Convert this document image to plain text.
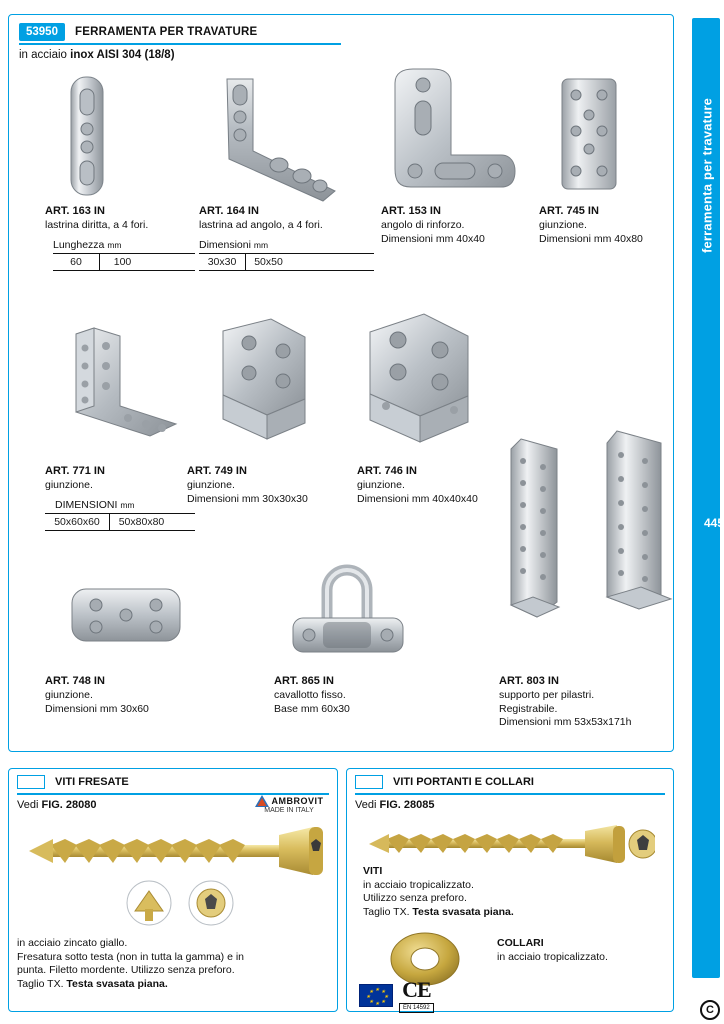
ferramenta per travature
445
C
53950	FERRAMENTA PER TRAVATURE
in acciaio inox AISI 304 (18/8)
ART. 163 IN
lastrina diritta, a 4 fori.
Lunghezza mm
60	100
ART. 164 IN
lastrina ad angolo, a 4 fori.
Dimensioni mm
30x30	50x50
ART. 153 IN
angolo di rinforzo.
Dimensioni mm 40x40
ART. 745 IN
giunzione.
Dimensioni mm 40x80
ART. 771 IN
giunzione.
DIMENSIONI mm
50x60x60	50x80x80
ART. 749 IN
giunzione.
Dimensioni mm 30x30x30
ART. 746 IN
giunzione.
Dimensioni mm 40x40x40
ART. 748 IN
giunzione.
Dimensioni mm 30x60
ART. 865 IN
cavallotto fisso.
Base mm 60x30
ART. 803 IN
supporto per pilastri.
Registrabile.
Dimensioni mm 53x53x171h
VITI FRESATE
Vedi FIG. 28080	AMBROVIT
MADE IN ITALY
in acciaio zincato giallo.
Fresatura sotto testa (non in tutta la gamma) e in
punta. Filetto mordente. Utilizzo senza preforo.
Taglio TX. Testa svasata piana.
VITI PORTANTI E COLLARI
Vedi FIG. 28085
VITI
in acciaio tropicalizzato.
Utilizzo senza preforo.
Taglio TX. Testa svasata piana.
COLLARI
in acciaio tropicalizzato.
★ ★
★
★
★
★
★
★ CE
EN 14592
